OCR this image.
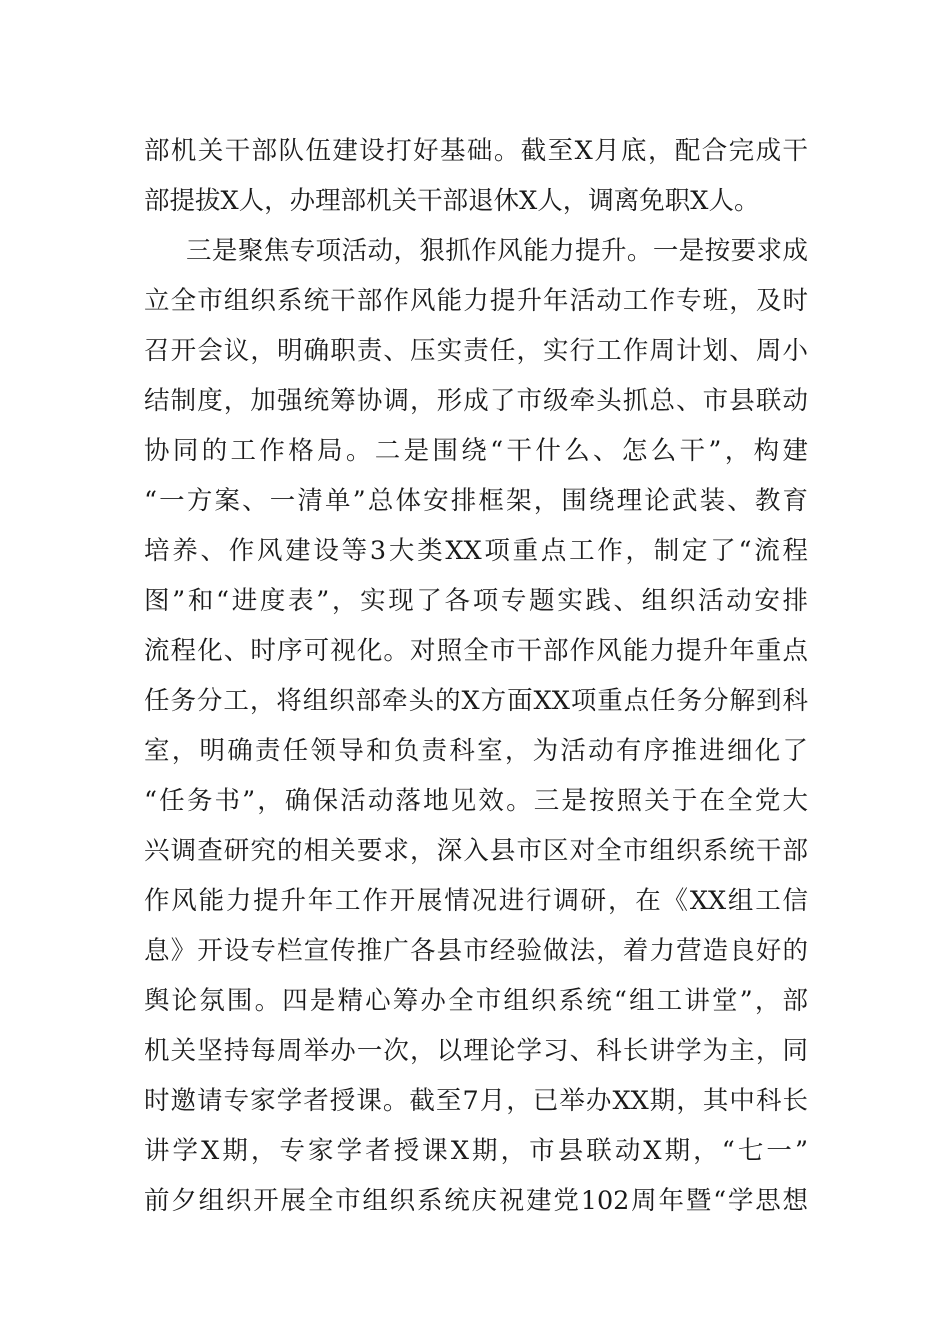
部机关干部队伍建设打好基础。截至X月底，配合完成干
部提拔X人，办理部机关干部退休X人，调离免职X人。
三是聚焦专项活动，狠抓作风能力提升。一是按要求成
立全市组织系统干部作风能力提升年活动工作专班，及时
召开会议，明确职责、压实责任，实行工作周计划、周小
结制度，加强统筹协调，形成了市级牵头抓总、市县联动
协同的工作格局。二是围绕“干什么、怎么干”，构建
“一方案、一清单”总体安排框架，围绕理论武装、教育
培养、作风建设等3大类XX项重点工作，制定了“流程
图”和“进度表”，实现了各项专题实践、组织活动安排
流程化、时序可视化。对照全市干部作风能力提升年重点
任务分工，将组织部牵头的X方面XX项重点任务分解到科
室，明确责任领导和负责科室，为活动有序推进细化了
“任务书”，确保活动落地见效。三是按照关于在全党大
兴调查研究的相关要求，深入县市区对全市组织系统干部
作风能力提升年工作开展情况进行调研，在《XX组工信
息》开设专栏宣传推广各县市经验做法，着力营造良好的
舆论氛围。四是精心筹办全市组织系统“组工讲堂”，部
机关坚持每周举办一次，以理论学习、科长讲学为主，同
时邀请专家学者授课。截至7月，已举办XX期，其中科长
讲学X期，专家学者授课X期，市县联动X期，“七一”
前夕组织开展全市组织系统庆祝建党102周年暨“学思想
